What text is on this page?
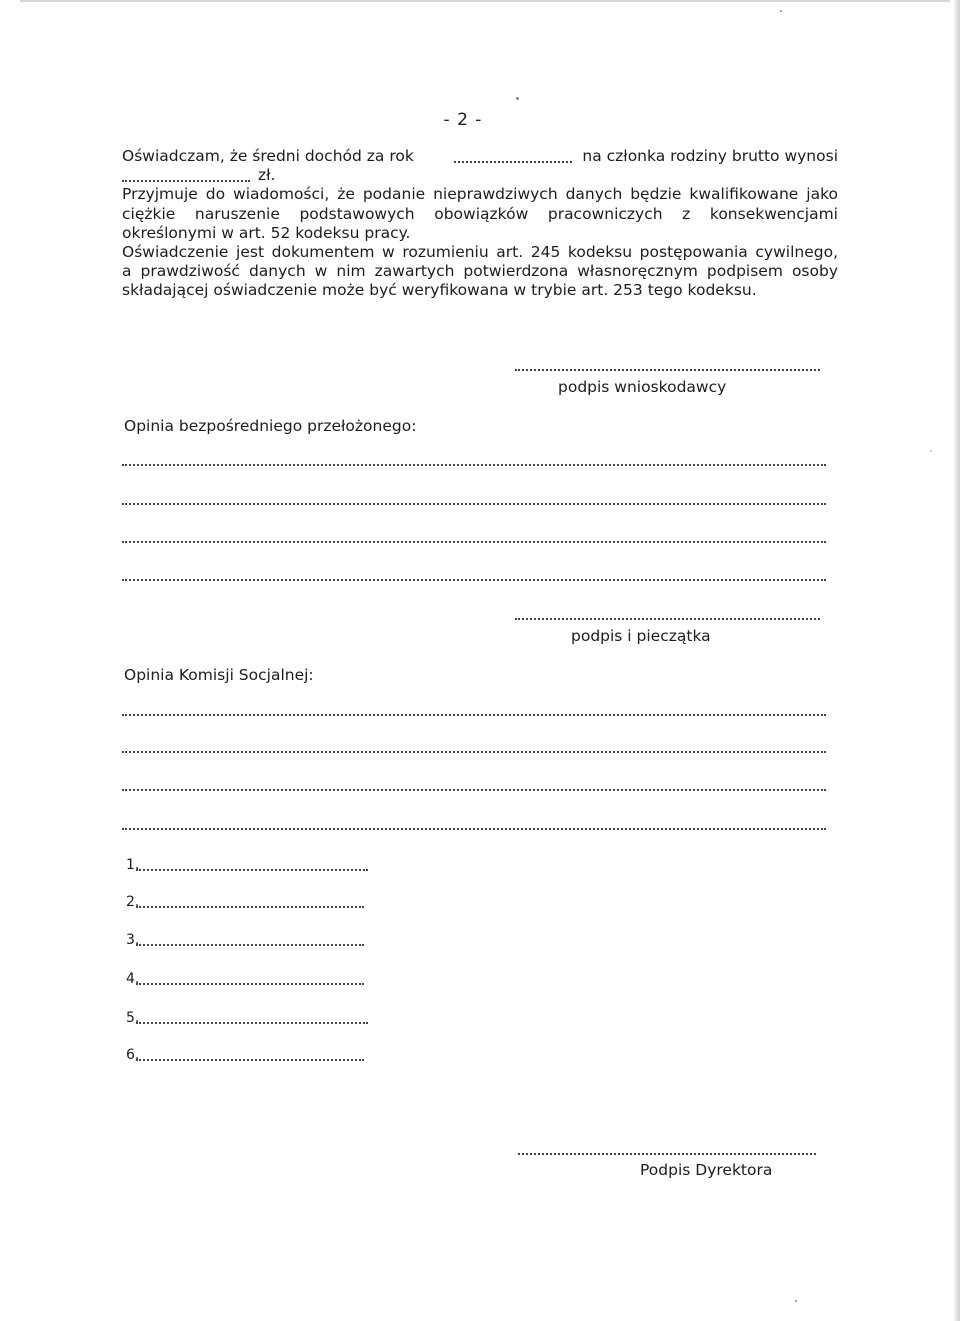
- 2 -
Oświadczam, że średni dochód za rok	na członka rodziny brutto wynosi
zł.
Przyjmuje do wiadomości, że podanie nieprawdziwych danych będzie kwalifikowane jako
ciężkie naruszenie podstawowych obowiązków pracowniczych z konsekwencjami
określonymi w art. 52 kodeksu pracy.
Oświadczenie jest dokumentem w rozumieniu art. 245 kodeksu postępowania cywilnego,
a prawdziwość danych w nim zawartych potwierdzona własnoręcznym podpisem osoby
składającej oświadczenie może być weryfikowana w trybie art. 253 tego kodeksu.
podpis wnioskodawcy
Opinia bezpośredniego przełożonego:
podpis i pieczątka
Opinia Komisji Socjalnej:
1.
2.
3.
4.
5.
6.
Podpis Dyrektora
